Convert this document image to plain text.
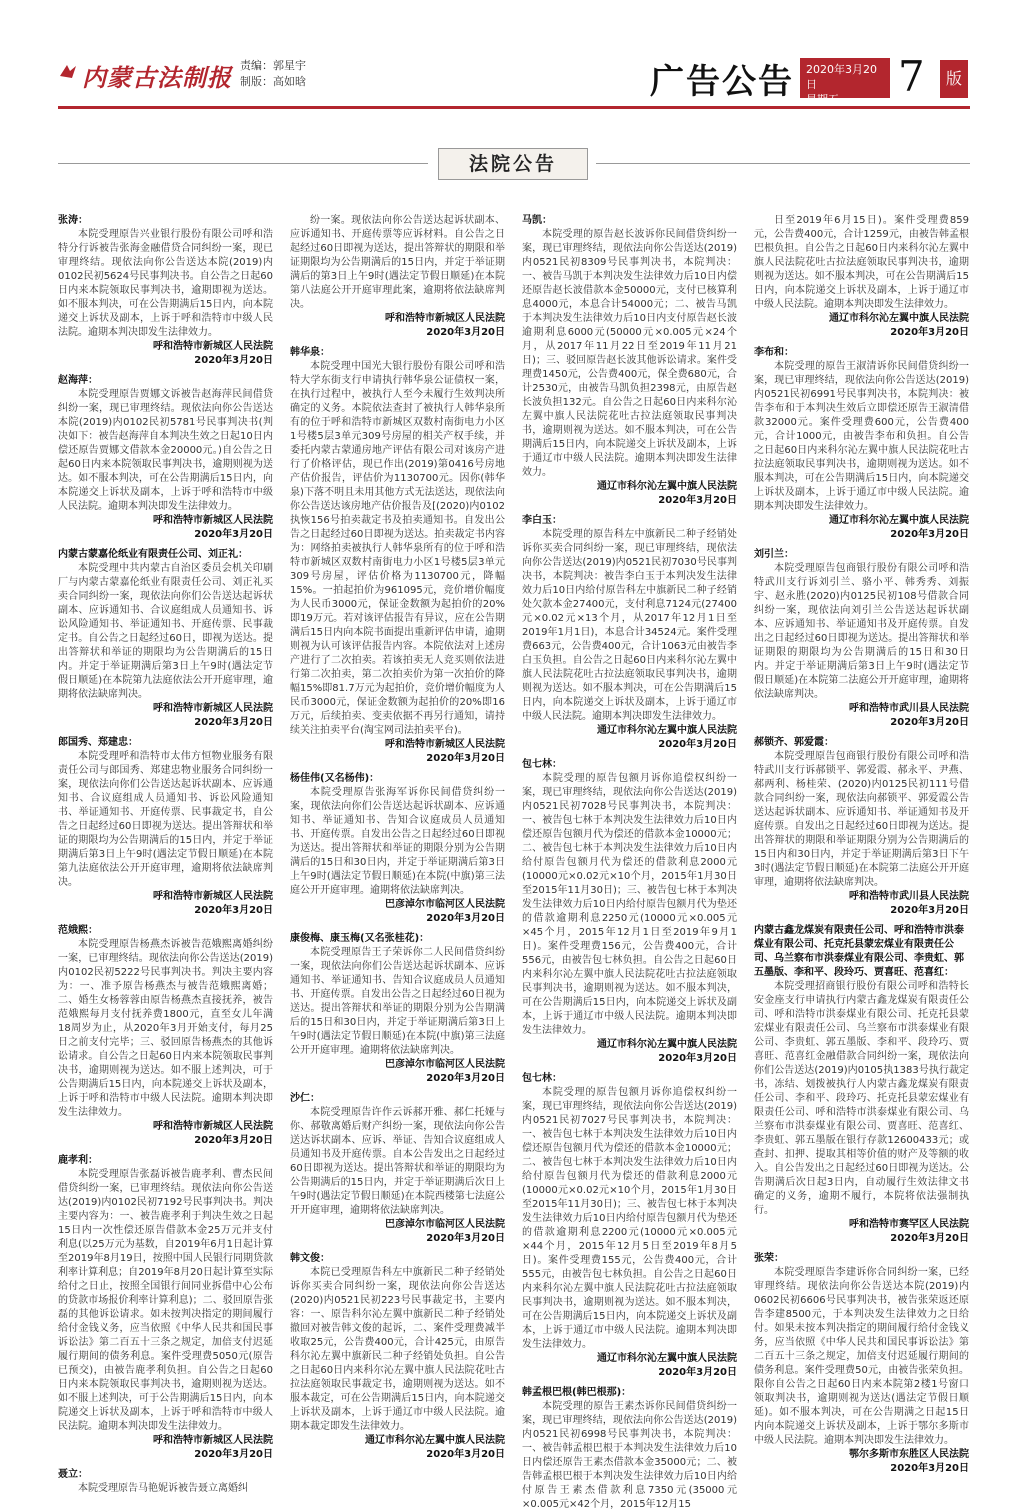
内蒙古法制报 责编：郭星宇
制版：高如晗	广告公告 2020年3月20日
星期五	7	版
法院公告
张涛：
本院受理原告兴业银行股份有限公司呼和浩特分行诉被告张海金融借贷合同纠纷一案，现已审理终结。现依法向你公告送达本院(2019)内0102民初5624号民事判决书。自公告之日起60日内来本院领取民事判决书，逾期即视为送达。如不服本判决，可在公告期满后15日内，向本院递交上诉状及副本，上诉于呼和浩特市中级人民法院。逾期本判决即发生法律效力。
呼和浩特市新城区人民法院
2020年3月20日
赵海萍：
本院受理原告贾娜文诉被告赵海萍民间借贷纠纷一案，现已审理终结。现依法向你公告送达本院(2019)内0102民初5781号民事判决书(判决如下：被告赵海萍自本判决生效之日起10日内偿还原告贾娜文借款本金20000元。)自公告之日起60日内来本院领取民事判决书，逾期则视为送达。如不服本判决，可在公告期满后15日内，向本院递交上诉状及副本，上诉于呼和浩特市中级人民法院。逾期本判决即发生法律效力。
呼和浩特市新城区人民法院
2020年3月20日
内蒙古蒙嘉伦纸业有限责任公司、刘正礼：
本院受理中共内蒙古自治区委员会机关印刷厂与内蒙古蒙嘉伦纸业有限责任公司、刘正礼买卖合同纠纷一案，现依法向你们公告送达起诉状副本、应诉通知书、合议庭组成人员通知书、诉讼风险通知书、举证通知书、开庭传票、民事裁定书。自公告之日起经过60日，即视为送达。提出答辩状和举证的期限均为公告期满后的15日内。并定于举证期满后第3日上午9时(遇法定节假日顺延)在本院第九法庭依法公开开庭审理，逾期将依法缺席判决。
呼和浩特市新城区人民法院
2020年3月20日
郎国秀、郑建忠：
本院受理呼和浩特市太伟方恒物业服务有限责任公司与郎国秀、郑建忠物业服务合同纠纷一案，现依法向你们公告送达起诉状副本、应诉通知书、合议庭组成人员通知书、诉讼风险通知书、举证通知书、开庭传票、民事裁定书，自公告之日起经过60日即视为送达。提出答辩状和举证的期限均为公告期满后的15日内，并定于举证期满后第3日上午9时(遇法定节假日顺延)在本院第九法庭依法公开开庭审理，逾期将依法缺席判决。
呼和浩特市新城区人民法院
2020年3月20日
范娥熙：
本院受理原告杨燕杰诉被告范娥熙离婚纠纷一案，已审理终结。现依法向你公告送达(2019)内0102民初5222号民事判决书。判决主要内容为：一、准予原告杨燕杰与被告范娥熙离婚；二、婚生女杨蓉蓉由原告杨燕杰直接抚养，被告范娥熙每月支付抚养费1800元，直至女儿年满18周岁为止，从2020年3月开始支付，每月25日之前支付完毕；三、驳回原告杨燕杰的其他诉讼请求。自公告之日起60日内来本院领取民事判决书，逾期则视为送达。如不服上述判决，可于公告期满后15日内，向本院递交上诉状及副本，上诉于呼和浩特市中级人民法院。逾期本判决即发生法律效力。
呼和浩特市新城区人民法院
2020年3月20日
鹿孝利：
本院受理原告张磊诉被告鹿孝利、曹杰民间借贷纠纷一案，已审理终结。现依法向你公告送达(2019)内0102民初7192号民事判决书。判决主要内容为：一、被告鹿孝利于判决生效之日起15日内一次性偿还原告借款本金25万元并支付利息(以25万元为基数，自2019年6月1日起计算至2019年8月19日，按照中国人民银行同期贷款利率计算利息；自2019年8月20日起计算至实际给付之日止，按照全国银行间同业拆借中心公布的贷款市场报价利率计算利息)；二、驳回原告张磊的其他诉讼请求。如未按判决指定的期间履行给付金钱义务，应当依照《中华人民共和国民事诉讼法》第二百五十三条之规定，加倍支付迟延履行期间的债务利息。案件受理费5050元(原告已预交)，由被告鹿孝利负担。自公告之日起60日内来本院领取民事判决书，逾期则视为送达。如不服上述判决，可于公告期满后15日内，向本院递交上诉状及副本，上诉于呼和浩特市中级人民法院。逾期本判决即发生法律效力。
呼和浩特市新城区人民法院
2020年3月20日
聂立：
本院受理原告马艳妮诉被告聂立离婚纠
纷一案。现依法向你公告送达起诉状副本、应诉通知书、开庭传票等应诉材料。自公告之日起经过60日即视为送达，提出答辩状的期限和举证期限均为公告期满后的15日内，并定于举证期满后的第3日上午9时(遇法定节假日顺延)在本院第八法庭公开开庭审理此案，逾期将依法缺席判决。
呼和浩特市新城区人民法院
2020年3月20日
韩华泉：
本院受理中国光大银行股份有限公司呼和浩特大学东街支行申请执行韩华泉公证债权一案，在执行过程中，被执行人至今未履行生效判决所确定的义务。本院依法查封了被执行人韩华泉所有的位于呼和浩特市新城区双数村南街电力小区1号楼5层3单元309号房屋的相关产权手续，并委托内蒙古蒙通房地产评估有限公司对该房产进行了价格评估，现已作出(2019)第0416号房地产估价报告，评估价为1130700元。因你(韩华泉)下落不明且未用其他方式无法送达，现依法向你公告送达该房地产估价报告及[(2020)内0102执恢156号拍卖裁定书及拍卖通知书。自发出公告之日起经过60日即视为送达。拍卖裁定书内容为：网络拍卖被执行人韩华泉所有的位于呼和浩特市新城区双数村南街电力小区1号楼5层3单元309号房屋，评估价格为1130700元，降幅15%。一拍起拍价为961095元，竞价增价幅度为人民币3000元，保证金数额为起拍价的20%即19万元。若对该评估报告有异议，应在公告期满后15日内向本院书面提出重新评估申请，逾期则视为认可该评估报告内容。本院依法对上述房产进行了二次拍卖。若该拍卖无人竞买则依法进行第二次拍卖，第二次拍卖价为第一次拍价的降幅15%即81.7万元为起拍价，竞价增价幅度为人民币3000元，保证金数额为起拍价的20%即16万元，后续拍卖、变卖依据不再另行通知，请持续关注拍卖平台(淘宝网司法拍卖平台)。
呼和浩特市新城区人民法院
2020年3月20日
杨佳伟(又名杨伟)：
本院受理原告张海军诉你民间借贷纠纷一案，现依法向你们公告送达起诉状副本、应诉通知书、举证通知书、告知合议庭成员人员通知书、开庭传票。自发出公告之日起经过60日即视为送达。提出答辩状和举证的期限分别为公告期满后的15日和30日内，并定于举证期满后第3日上午9时(遇法定节假日顺延)在本院(中旗)第三法庭公开开庭审理。逾期将依法缺席判决。
巴彦淖尔市临河区人民法院
2020年3月20日
康俊梅、康玉梅(又名张桂花)：
本院受理原告王子荣诉你二人民间借贷纠纷一案，现依法向你们公告送达起诉状副本、应诉通知书、举证通知书、告知合议庭成员人员通知书、开庭传票。自发出公告之日起经过60日视为送达。提出答辩状和举证的期限分别为公告期满后的15日和30日内，并定于举证期满后第3日上午9时(遇法定节假日顺延)在本院(中旗)第三法庭公开开庭审理。逾期将依法缺席判决。
巴彦淖尔市临河区人民法院
2020年3月20日
沙仁：
本院受理原告许作云诉郝开雅、郝仁托娅与你、郝敬离婚后财产纠纷一案，现依法向你公告送达诉状副本、应诉、举证、告知合议庭组成人员通知书及开庭传票。自本公告发出之日起经过60日即视为送达。提出答辩状和举证的期限均为公告期满后的15日内，并定于举证期满后次日上午9时(遇法定节假日顺延)在本院西楼第七法庭公开开庭审理，逾期将依法缺席判决。
巴彦淖尔市临河区人民法院
2020年3月20日
韩文俊：
本院已受理原告科左中旗新民二种子经销处诉你买卖合同纠纷一案，现依法向你公告送达(2020)内0521民初223号民事裁定书，主要内容：一、原告科尔沁左翼中旗新民二种子经销处撤回对被告韩文俊的起诉，二、案件受理费减半收取25元，公告费400元，合计425元，由原告科尔沁左翼中旗新民二种子经销处负担。自公告之日起60日内来科尔沁左翼中旗人民法院花吐古拉法庭领取民事裁定书，逾期则视为送达。如不服本裁定，可在公告期满后15日内，向本院递交上诉状及副本，上诉于通辽市中级人民法院。逾期本裁定即发生法律效力。
通辽市科尔沁左翼中旗人民法院
2020年3月20日
马凯：
本院受理的原告赵长波诉你民间借贷纠纷一案，现已审理终结，现依法向你公告送达(2019)内0521民初8309号民事判决书，本院判决：一、被告马凯于本判决发生法律效力后10日内偿还原告赵长波借款本金50000元，支付已核算利息4000元，本息合计54000元；二、被告马凯于本判决发生法律效力后10日内支付原告赵长波逾期利息6000元(50000元×0.005元×24个月，从2017年11月22日至2019年11月21日)；三、驳回原告赵长波其他诉讼请求。案件受理费1450元，公告费400元，保全费680元，合计2530元，由被告马凯负担2398元，由原告赵长波负担132元。自公告之日起60日内来科尔沁左翼中旗人民法院花吐古拉法庭领取民事判决书，逾期则视为送达。如不服本判决，可在公告期满后15日内，向本院递交上诉状及副本，上诉于通辽市中级人民法院。逾期本判决即发生法律效力。
通辽市科尔沁左翼中旗人民法院
2020年3月20日
李白玉：
本院受理的原告科左中旗新民二种子经销处诉你买卖合同纠纷一案，现已审理终结，现依法向你公告送达(2019)内0521民初7030号民事判决书，本院判决：被告李白玉于本判决发生法律效力后10日内给付原告科左中旗新民二种子经销处欠款本金27400元，支付利息7124元(27400元×0.02元×13个月，从2017年12月1日至2019年1月1日)，本息合计34524元。案件受理费663元，公告费400元，合计1063元由被告李白玉负担。自公告之日起60日内来科尔沁左翼中旗人民法院花吐古拉法庭领取民事判决书，逾期则视为送达。如不服本判决，可在公告期满后15日内，向本院递交上诉状及副本，上诉于通辽市中级人民法院。逾期本判决即发生法律效力。
通辽市科尔沁左翼中旗人民法院
2020年3月20日
包七林：
本院受理的原告包额月诉你追偿权纠纷一案，现已审理终结，现依法向你公告送达(2019)内0521民初7028号民事判决书，本院判决：一、被告包七林于本判决发生法律效力后10日内偿还原告包额月代为偿还的借款本金10000元；二、被告包七林于本判决发生法律效力后10日内给付原告包额月代为偿还的借款利息2000元(10000元×0.02元×10个月，2015年1月30日至2015年11月30日)；三、被告包七林于本判决发生法律效力后10日内给付原告包额月代为垫还的借款逾期利息2250元(10000元×0.005元×45个月，2015年12月1日至2019年9月1日)。案件受理费156元，公告费400元，合计556元，由被告包七林负担。自公告之日起60日内来科尔沁左翼中旗人民法院花吐古拉法庭领取民事判决书，逾期则视为送达。如不服本判决，可在公告期满后15日内，向本院递交上诉状及副本，上诉于通辽市中级人民法院。逾期本判决即发生法律效力。
通辽市科尔沁左翼中旗人民法院
2020年3月20日
包七林：
本院受理的原告包额月诉你追偿权纠纷一案，现已审理终结，现依法向你公告送达(2019)内0521民初7027号民事判决书，本院判决：一、被告包七林于本判决发生法律效力后10日内偿还原告包额月代为偿还的借款本金10000元；二、被告包七林于本判决发生法律效力后10日内给付原告包额月代为偿还的借款利息2000元(10000元×0.02元×10个月，2015年1月30日至2015年11月30日)；三、被告包七林于本判决发生法律效力后10日内给付原告包额月代为垫还的借款逾期利息2200元(10000元×0.005元×44个月，2015年12月5日至2019年8月5日)。案件受理费155元，公告费400元，合计555元，由被告包七林负担。自公告之日起60日内来科尔沁左翼中旗人民法院花吐古拉法庭领取民事判决书，逾期则视为送达。如不服本判决，可在公告期满后15日内，向本院递交上诉状及副本，上诉于通辽市中级人民法院。逾期本判决即发生法律效力。
通辽市科尔沁左翼中旗人民法院
2020年3月20日
韩孟根巴根(韩巴根那)：
本院受理的原告王素杰诉你民间借贷纠纷一案，现已审理终结，现依法向你公告送达(2019)内0521民初6998号民事判决书，本院判决：一、被告韩孟根巴根于本判决发生法律效力后10日内偿还原告王素杰借款本金35000元；二、被告韩孟根巴根于本判决发生法律效力后10日内给付原告王素杰借款利息7350元(35000元×0.005元×42个月，2015年12月15
日至2019年6月15日)。案件受理费859元，公告费400元，合计1259元，由被告韩孟根巴根负担。自公告之日起60日内来科尔沁左翼中旗人民法院花吐古拉法庭领取民事判决书，逾期则视为送达。如不服本判决，可在公告期满后15日内，向本院递交上诉状及副本，上诉于通辽市中级人民法院。逾期本判决即发生法律效力。
通辽市科尔沁左翼中旗人民法院
2020年3月20日
李布和：
本院受理的原告王淑清诉你民间借贷纠纷一案，现已审理终结，现依法向你公告送达(2019)内0521民初6991号民事判决书，本院判决：被告李布和于本判决生效后立即偿还原告王淑清借款32000元。案件受理费600元，公告费400元，合计1000元，由被告李布和负担。自公告之日起60日内来科尔沁左翼中旗人民法院花吐古拉法庭领取民事判决书，逾期则视为送达。如不服本判决，可在公告期满后15日内，向本院递交上诉状及副本，上诉于通辽市中级人民法院。逾期本判决即发生法律效力。
通辽市科尔沁左翼中旗人民法院
2020年3月20日
刘引兰：
本院受理原告包商银行股份有限公司呼和浩特武川支行诉刘引兰、骆小平、韩秀秀、刘振宇、赵永胜(2020)内0125民初108号借款合同纠纷一案，现依法向刘引兰公告送达起诉状副本、应诉通知书、举证通知书及开庭传票。自发出之日起经过60日即视为送达。提出答辩状和举证期限的期限均为公告期满后的15日和30日内。并定于举证期满后第3日上午9时(遇法定节假日顺延)在本院第二法庭公开开庭审理，逾期将依法缺席判决。
呼和浩特市武川县人民法院
2020年3月20日
郝锁齐、郭爱霞：
本院受理原告包商银行股份有限公司呼和浩特武川支行诉郝锁平、郭爱霞、郝永平、尹燕、郝两利、杨桂荣、(2020)内0125民初111号借款合同纠纷一案，现依法向郝锁平、郭爱霞公告送达起诉状副本、应诉通知书、举证通知书及开庭传票。自发出之日起经过60日即视为送达。提出答辩状的期限和举证期限分别为公告期满后的15日内和30日内，并定于举证期满后第3日下午3时(遇法定节假日顺延)在本院第二法庭公开开庭审理，逾期将依法缺席判决。
呼和浩特市武川县人民法院
2020年3月20日
内蒙古鑫龙煤炭有限责任公司、呼和浩特市洪泰煤业有限公司、托克托县蒙宏煤业有限责任公司、乌兰察布市洪泰煤业有限公司、李贵虹、郭五墨版、李和平、段玲巧、贾喜旺、范喜红：
本院受理招商银行股份有限公司呼和浩特长安金座支行申请执行内蒙古鑫龙煤炭有限责任公司、呼和浩特市洪泰煤业有限公司、托克托县蒙宏煤业有限责任公司、乌兰察布市洪泰煤业有限公司、李贵虹、郭五墨版、李和平、段玲巧、贾喜旺、范喜红金融借款合同纠纷一案，现依法向你们公告送达(2019)内0105执1383号执行裁定书，冻结、划拨被执行人内蒙古鑫龙煤炭有限责任公司、李和平、段玲巧、托克托县蒙宏煤业有限责任公司、呼和浩特市洪泰煤业有限公司、乌兰察布市洪泰煤业有限公司、贾喜旺、范喜红、李贵虹、郭五墨版在银行存款12600433元；或查封、扣押、提取其相等价值的财产及等额的收入。自公告发出之日起经过60日即视为送达。公告期满后次日起3日内，自动履行生效法律文书确定的义务，逾期不履行，本院将依法强制执行。
呼和浩特市赛罕区人民法院
2020年3月20日
张荣：
本院受理原告李建诉你合同纠纷一案，已经审理终结。现依法向你公告送达本院(2019)内0602民初6606号民事判决书，被告张荣返还原告李建8500元，于本判决发生法律效力之日给付。如果未按本判决指定的期间履行给付金钱义务，应当依照《中华人民共和国民事诉讼法》第二百五十三条之规定，加倍支付迟延履行期间的债务利息。案件受理费50元，由被告张荣负担。限你自公告之日起60日内来本院第2楼1号窗口领取判决书，逾期则视为送达(遇法定节假日顺延)。如不服本判决，可在公告期满之日起15日内向本院递交上诉状及副本，上诉于鄂尔多斯市中级人民法院。逾期本判决即发生法律效力。
鄂尔多斯市东胜区人民法院
2020年3月20日
